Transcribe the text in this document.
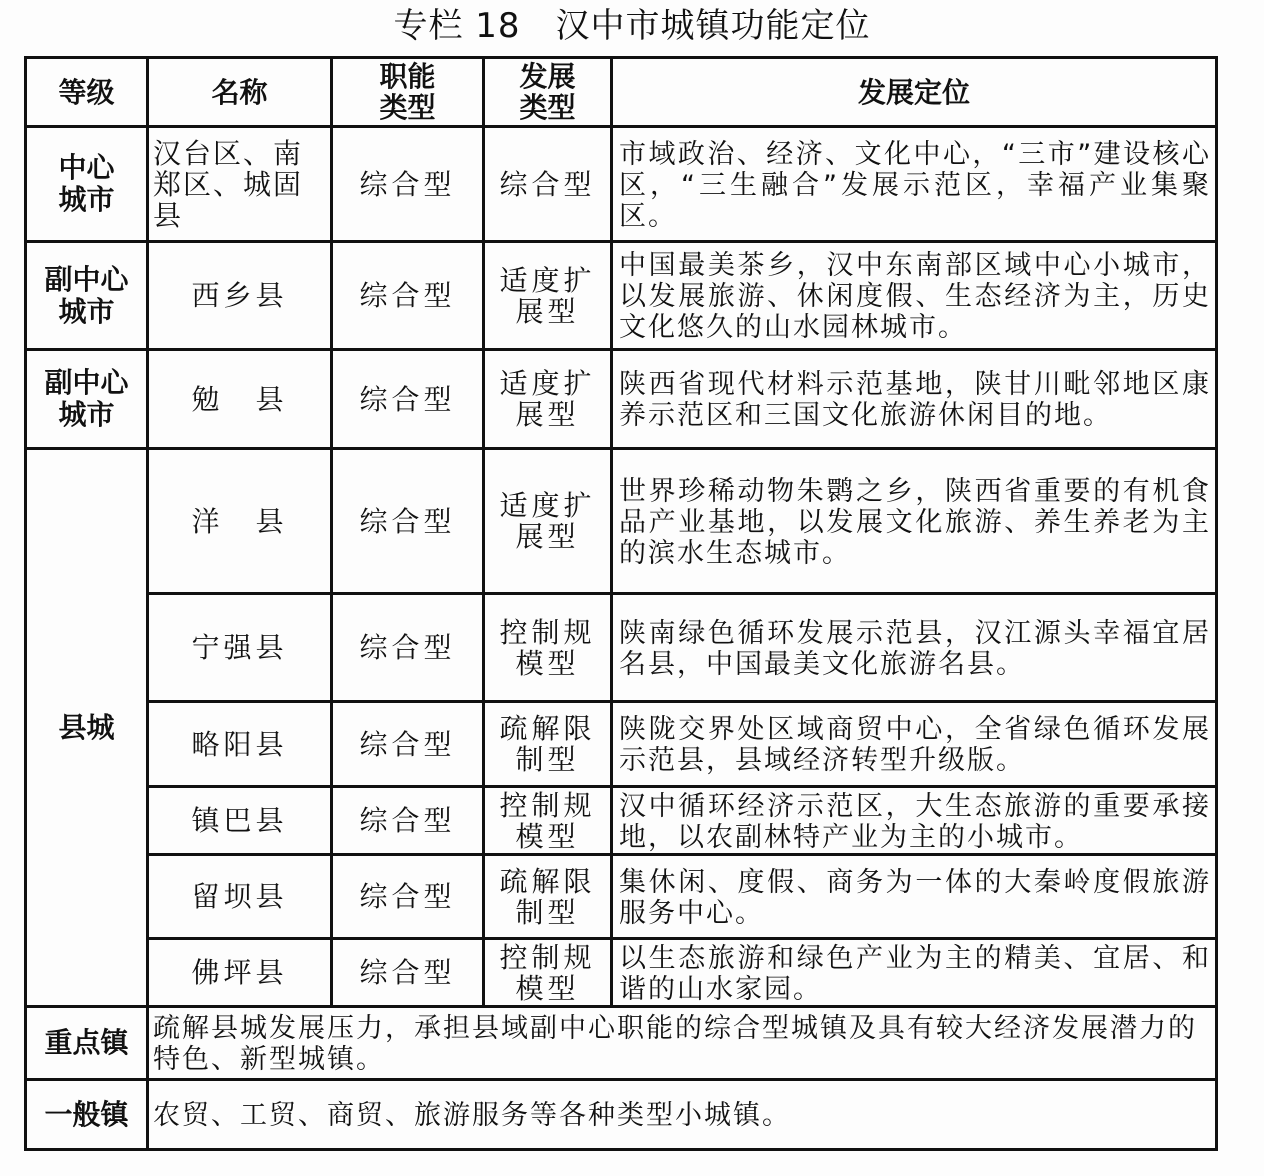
专栏 18　汉中市城镇功能定位
等级	名称	职能类型	发展类型	发展定位

中心城市	汉台区、南郑区、城固县	综合型	综合型	市域政治、经济、文化中心，“三市”建设核心区，“三生融合”发展示范区，幸福产业集聚区。

副中心城市	西乡县	综合型	适度扩展型	中国最美茶乡，汉中东南部区域中心小城市，以发展旅游、休闲度假、生态经济为主，历史文化悠久的山水园林城市。

副中心城市	勉　县	综合型	适度扩展型	陕西省现代材料示范基地，陕甘川毗邻地区康养示范区和三国文化旅游休闲目的地。
县城	洋　县	综合型	适度扩展型	世界珍稀动物朱鹮之乡，陕西省重要的有机食品产业基地，以发展文化旅游、养生养老为主的滨水生态城市。
	宁强县	综合型	控制规模型	陕南绿色循环发展示范县，汉江源头幸福宜居名县，中国最美文化旅游名县。
	略阳县	综合型	疏解限制型	陕陇交界处区域商贸中心，全省绿色循环发展示范县，县域经济转型升级版。
	镇巴县	综合型	控制规模型	汉中循环经济示范区，大生态旅游的重要承接地，以农副林特产业为主的小城市。
	留坝县	综合型	疏解限制型	集休闲、度假、商务为一体的大秦岭度假旅游服务中心。
	佛坪县	综合型	控制规模型	以生态旅游和绿色产业为主的精美、宜居、和谐的山水家园。
重点镇	疏解县城发展压力，承担县域副中心职能的综合型城镇及具有较大经济发展潜力的特色、新型城镇。			
一般镇	农贸、工贸、商贸、旅游服务等各种类型小城镇。			
